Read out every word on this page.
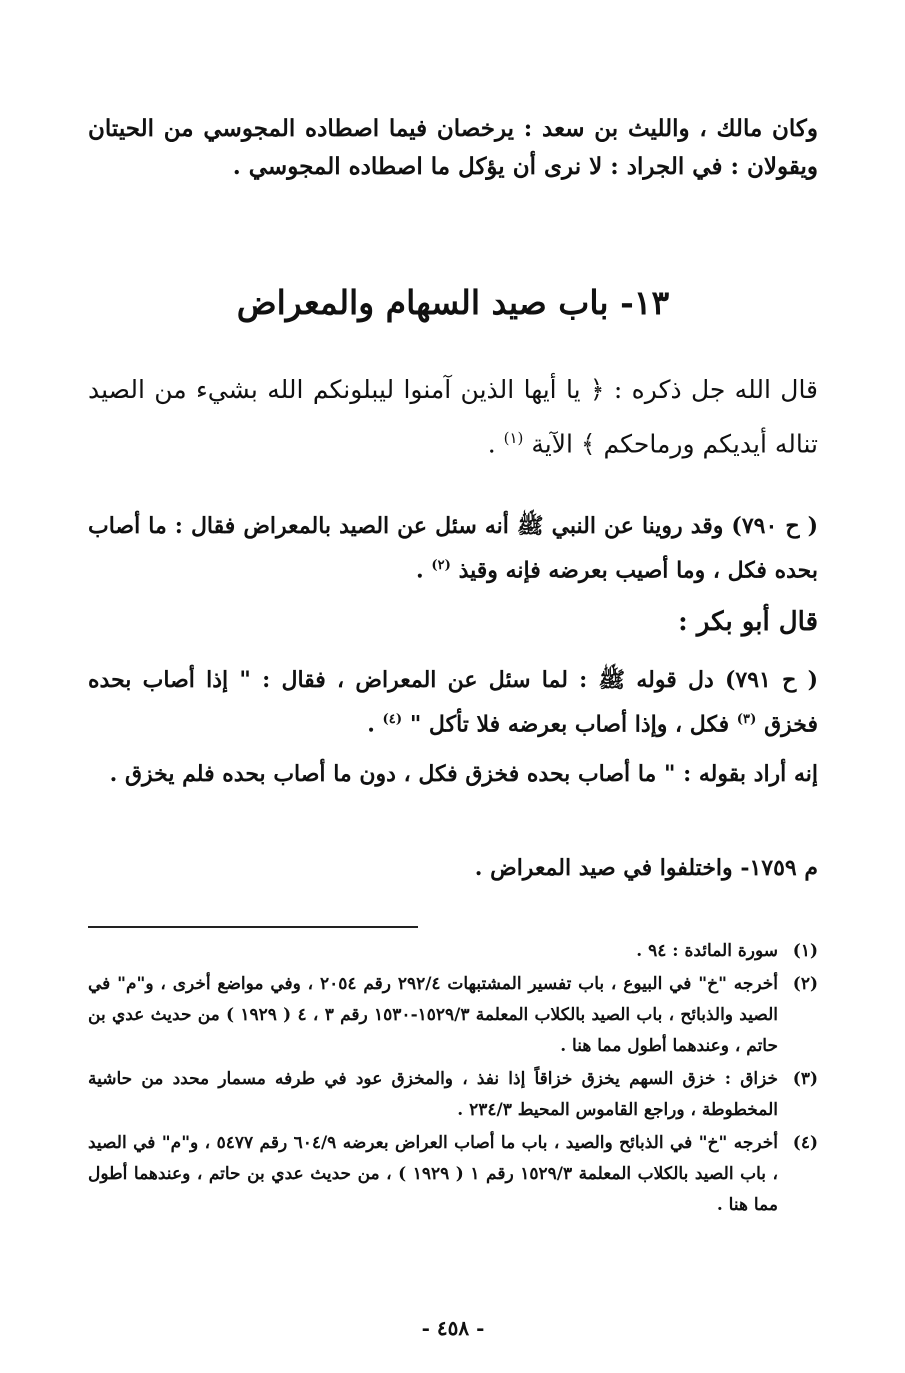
وكان مالك ، والليث بن سعد : يرخصان فيما اصطاده المجوسي من الحيتان ويقولان : في الجراد : لا نرى أن يؤكل ما اصطاده المجوسي .

١٣- باب صيد السهام والمعراض

قال الله جل ذكره : ﴿ يا أيها الذين آمنوا ليبلونكم الله بشيء من الصيد تناله أيديكم ورماحكم ﴾ الآية $^{(١)}$ .

( ح ٧٩٠) وقد روينا عن النبي ﷺ أنه سئل عن الصيد بالمعراض فقال : ما أصاب بحده فكل ، وما أصيب بعرضه فإنه وقيذ $^{(٢)}$ .

قال أبو بكر :

( ح ٧٩١) دل قوله ﷺ : لما سئل عن المعراض ، فقال : " إذا أصاب بحده فخزق $^{(٣)}$ فكل ، وإذا أصاب بعرضه فلا تأكل " $^{(٤)}$ .

إنه أراد بقوله : " ما أصاب بحده فخزق فكل ، دون ما أصاب بحده فلم يخزق .

م ١٧٥٩- واختلفوا في صيد المعراض .

(١)
سورة المائدة : ٩٤ .
(٢)
أخرجه "خ" في البيوع ، باب تفسير المشتبهات ٢٩٢/٤ رقم ٢٠٥٤ ، وفي مواضع أخرى ، و"م" في الصيد والذبائح ، باب الصيد بالكلاب المعلمة ١٥٢٩/٣-١٥٣٠ رقم ٣ ، ٤ ( ١٩٢٩ ) من حديث عدي بن حاتم ، وعندهما أطول مما هنا .
(٣)
خزاق : خزق السهم يخزق خزاقاً إذا نفذ ، والمخزق عود في طرفه مسمار محدد من حاشية المخطوطة ، وراجع القاموس المحيط ٢٣٤/٣ .
(٤)
أخرجه "خ" في الذبائح والصيد ، باب ما أصاب العراض بعرضه ٦٠٤/٩ رقم ٥٤٧٧ ، و"م" في الصيد ، باب الصيد بالكلاب المعلمة ١٥٢٩/٣ رقم ١ ( ١٩٢٩ ) ، من حديث عدي بن حاتم ، وعندهما أطول مما هنا .
- ٤٥٨ -
